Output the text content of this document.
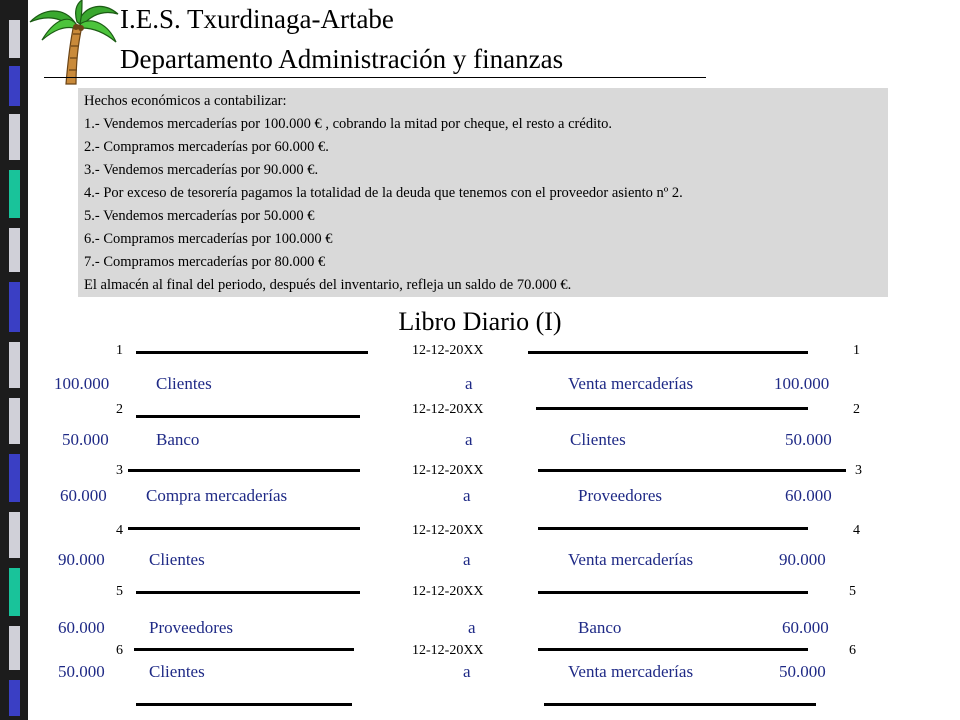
I.E.S. Txurdinaga-Artabe
Departamento Administración y finanzas
Hechos económicos a contabilizar:
1.- Vendemos mercaderías por 100.000 € , cobrando la mitad por cheque, el resto a crédito.
2.- Compramos mercaderías por 60.000 €.
3.- Vendemos mercaderías por 90.000 €.
4.- Por exceso de tesorería pagamos la totalidad de la deuda que tenemos con el proveedor asiento nº 2.
5.- Vendemos mercaderías por 50.000 €
6.- Compramos mercaderías por 100.000 €
7.- Compramos mercaderías por 80.000 €
El almacén al final del periodo, después del inventario, refleja un saldo de 70.000 €.
Libro Diario (I)
1	12-12-20XX	1
100.000	Clientes	a	Venta mercaderías	100.000
2	12-12-20XX	2
50.000	Banco	a	Clientes	50.000
3	12-12-20XX	3
60.000 Compra mercaderías	a	Proveedores	60.000
4	12-12-20XX	4
90.000	Clientes	a	Venta mercaderías	90.000
5	12-12-20XX	5
60.000	Proveedores	a	Banco	60.000
6	12-12-20XX	6
50.000	Clientes	a	Venta mercaderías	50.000
